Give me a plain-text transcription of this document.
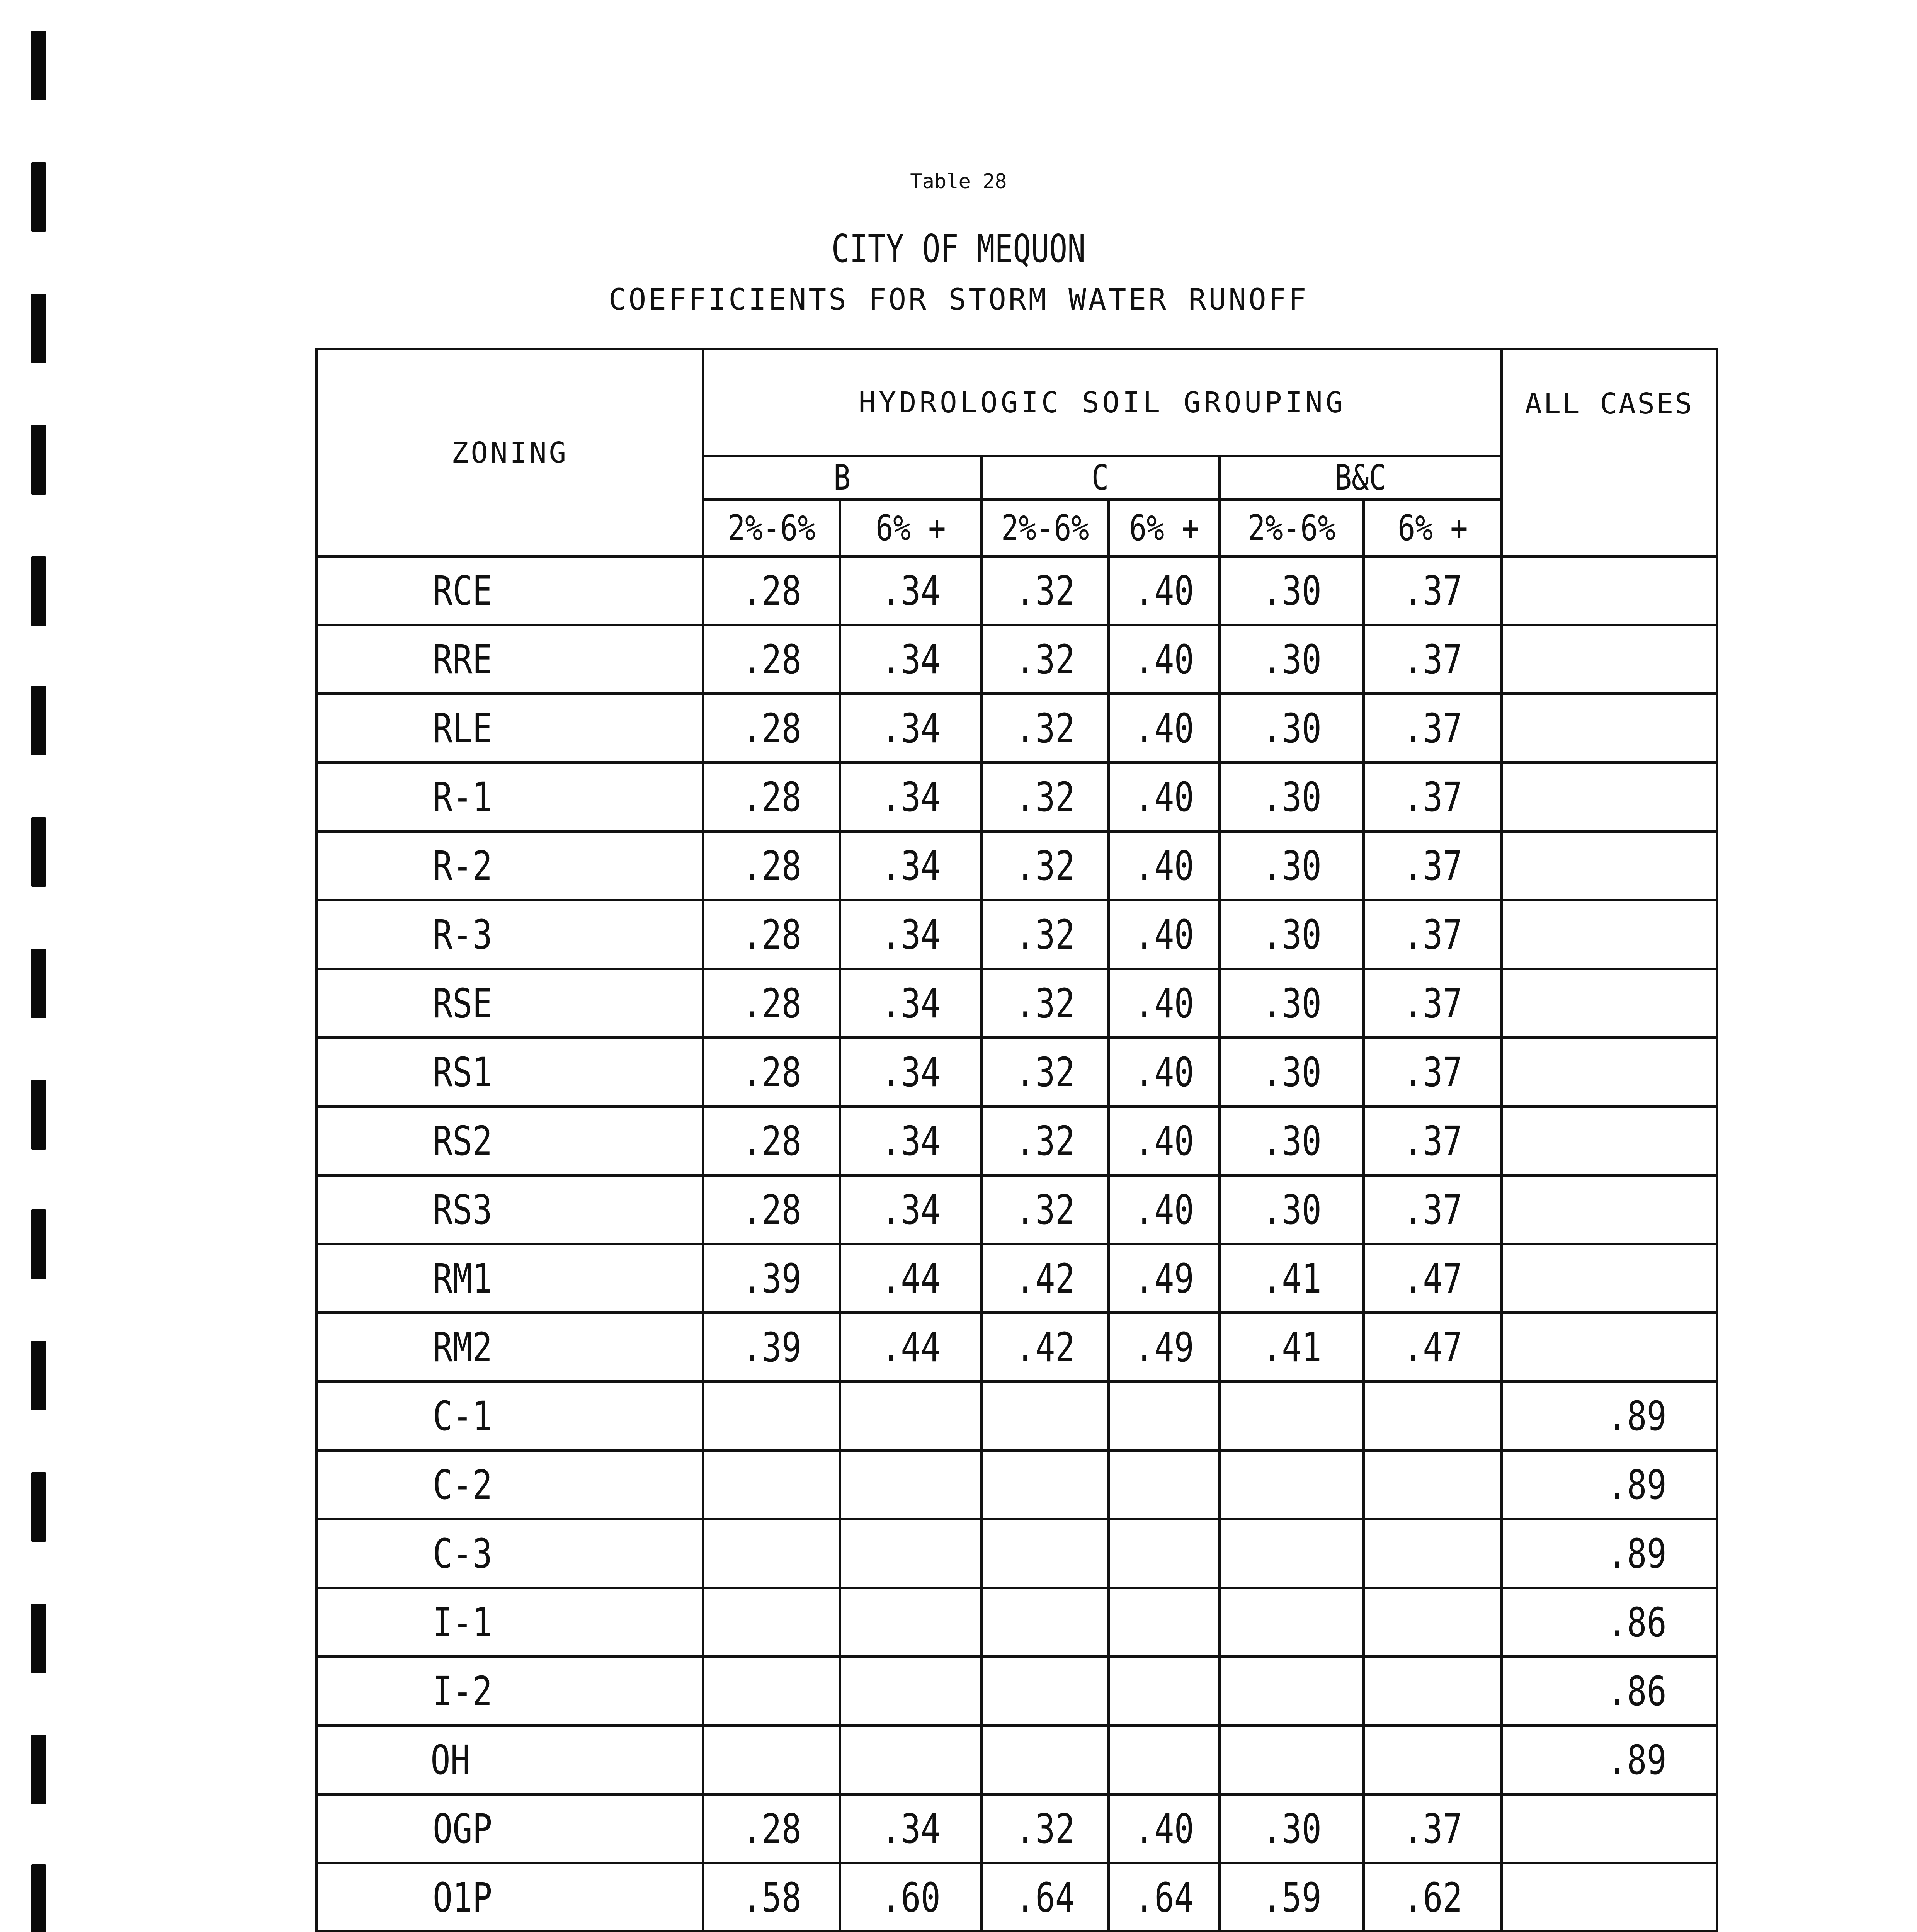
Table 28
CITY OF MEQUON
COEFFICIENTS FOR STORM WATER RUNOFF
ZONING	HYDROLOGIC SOIL GROUPING						ALL CASES
	B		C		B&C		
	2%-6%	6% +	2%-6%	6% +	2%-6%	6% +	
RCE	.28	.34	.32	.40	.30	.37	
RRE	.28	.34	.32	.40	.30	.37	
RLE	.28	.34	.32	.40	.30	.37	
R-1	.28	.34	.32	.40	.30	.37	
R-2	.28	.34	.32	.40	.30	.37	
R-3	.28	.34	.32	.40	.30	.37	
RSE	.28	.34	.32	.40	.30	.37	
RS1	.28	.34	.32	.40	.30	.37	
RS2	.28	.34	.32	.40	.30	.37	
RS3	.28	.34	.32	.40	.30	.37	
RM1	.39	.44	.42	.49	.41	.47	
RM2	.39	.44	.42	.49	.41	.47	
C-1							.89
C-2							.89
C-3							.89
I-1							.86
I-2							.86
OH							.89
OGP	.28	.34	.32	.40	.30	.37	
O1P	.58	.60	.64	.64	.59	.62	
